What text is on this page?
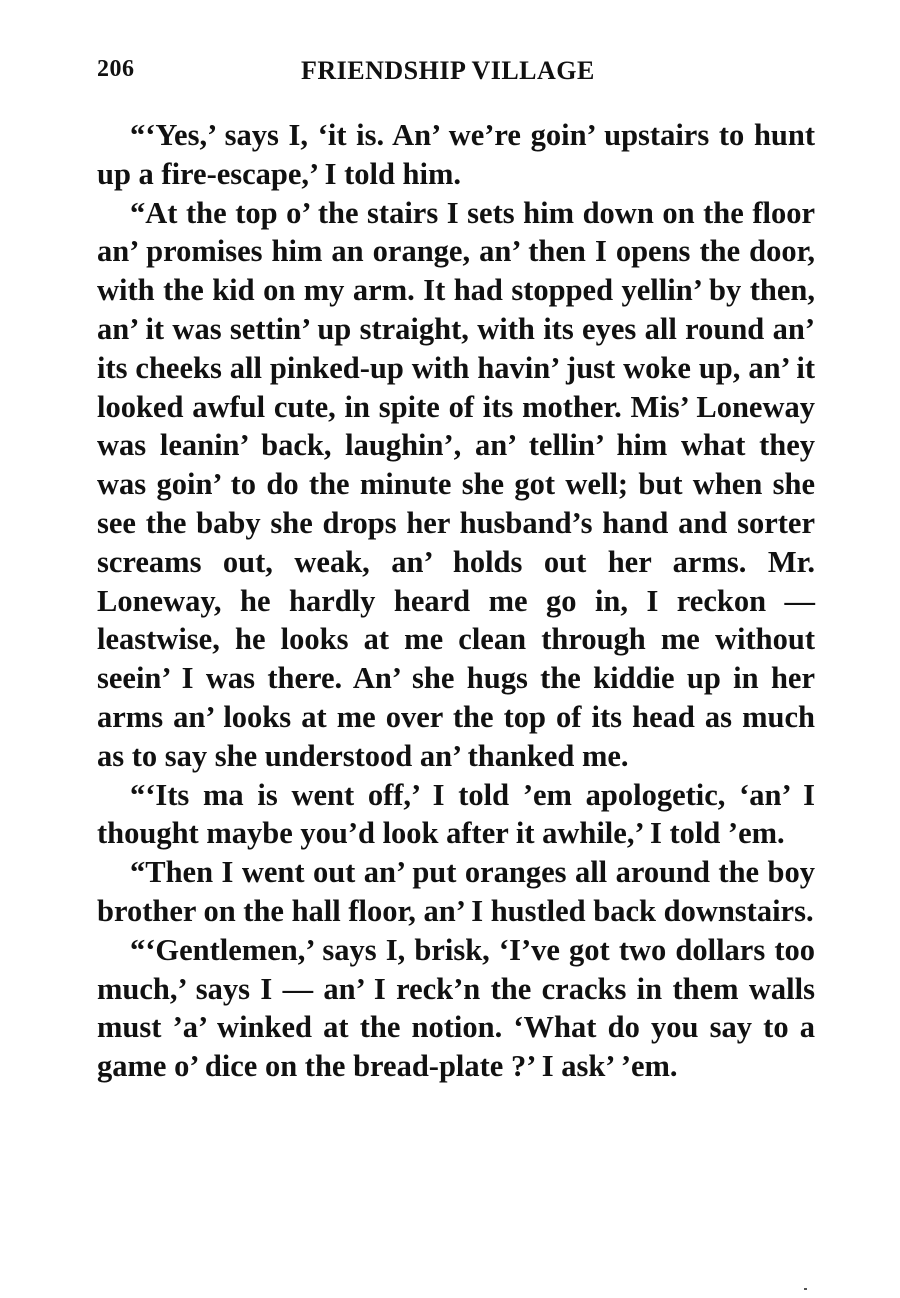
206	FRIENDSHIP VILLAGE

“‘Yes,’ says I, ‘it is. An’ we’re goin’ upstairs to hunt up a fire-escape,’ I told him.

“At the top o’ the stairs I sets him down on the floor an’ promises him an orange, an’ then I opens the door, with the kid on my arm. It had stopped yellin’ by then, an’ it was settin’ up straight, with its eyes all round an’ its cheeks all pinked-up with havin’ just woke up, an’ it looked awful cute, in spite of its mother. Mis’ Loneway was leanin’ back, laughin’, an’ tellin’ him what they was goin’ to do the minute she got well; but when she see the baby she drops her husband’s hand and sorter screams out, weak, an’ holds out her arms. Mr. Loneway, he hardly heard me go in, I reckon — leastwise, he looks at me clean through me without seein’ I was there. An’ she hugs the kiddie up in her arms an’ looks at me over the top of its head as much as to say she understood an’ thanked me.

“‘Its ma is went off,’ I told ’em apologetic, ‘an’ I thought maybe you’d look after it awhile,’ I told ’em.

“Then I went out an’ put oranges all around the boy brother on the hall floor, an’ I hustled back downstairs.

“‘Gentlemen,’ says I, brisk, ‘I’ve got two dollars too much,’ says I — an’ I reck’n the cracks in them walls must ’a’ winked at the notion. ‘What do you say to a game o’ dice on the bread-plate ?’ I ask’ ’em.
